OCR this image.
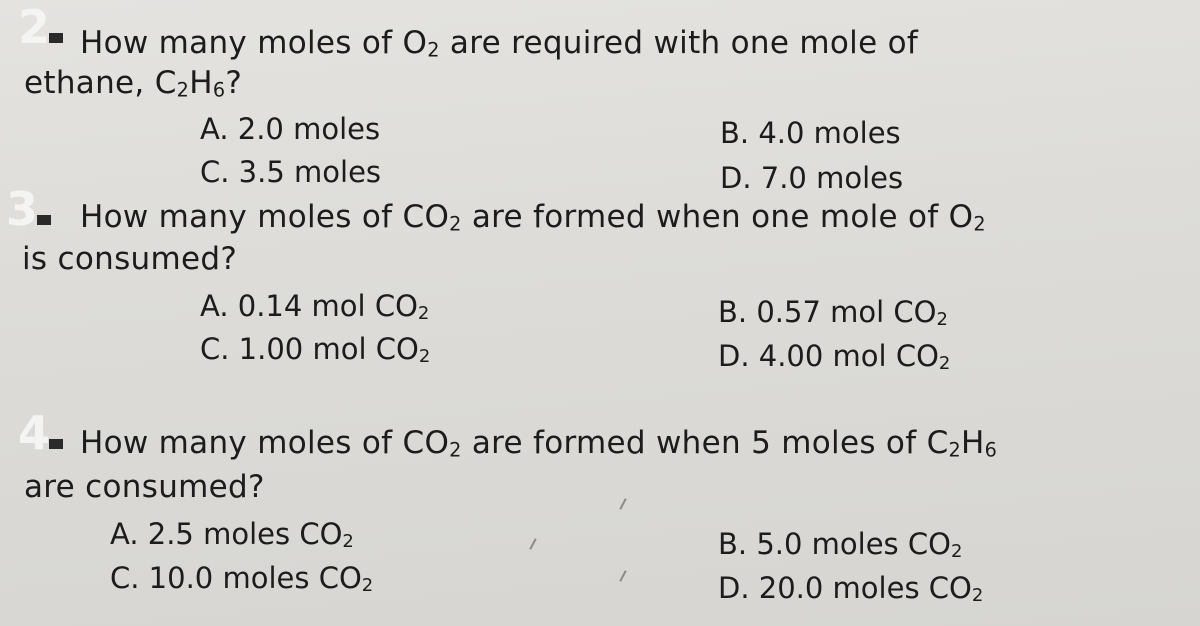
2	How many moles of $O_2$ are required with one mole of
ethane, $C_2H_6$?
A. 2.0 moles	B. 4.0 moles
C. 3.5 moles	D. 7.0 moles
3	How many moles of $CO_2$ are formed when one mole of $O_2$
is consumed?
A. 0.14 mol $CO_2$	B. 0.57 mol $CO_2$
C. 1.00 mol $CO_2$	D. 4.00 mol $CO_2$
4	How many moles of $CO_2$ are formed when 5 moles of $C_2H_6$
are consumed?
A. 2.5 moles $CO_2$	B. 5.0 moles $CO_2$
C. 10.0 moles $CO_2$	D. 20.0 moles $CO_2$
